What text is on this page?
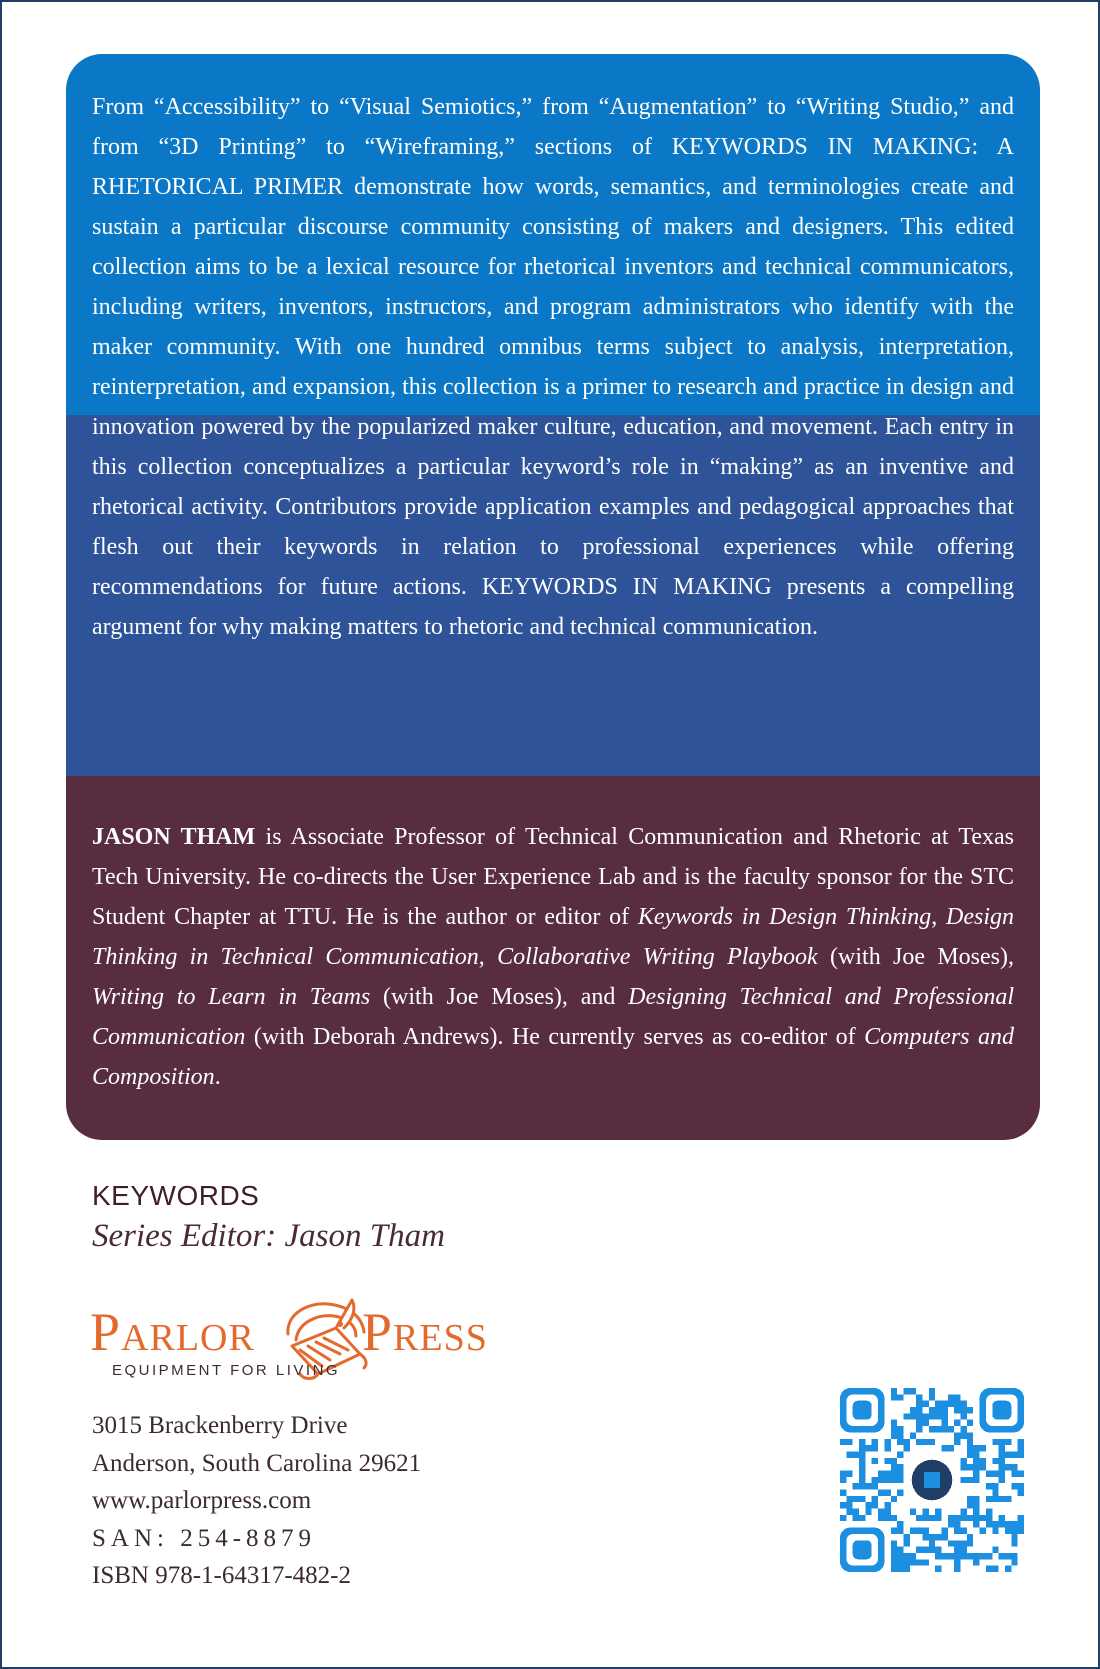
From “Accessibility” to “Visual Semiotics,” from “Augmentation” to “Writing Studio,” and from “3D Printing” to “Wireframing,” sections of KEYWORDS IN MAKING: A RHETORICAL PRIMER demonstrate how words, semantics, and terminologies create and sustain a particular discourse community consisting of makers and designers. This edited collection aims to be a lexical resource for rhetorical inventors and technical communicators, including writers, inventors, instructors, and program administrators who identify with the maker community. With one hundred omnibus terms subject to analysis, interpretation, reinterpretation, and expansion, this collection is a primer to research and practice in design and innovation powered by the popularized maker culture, education, and movement. Each entry in this collection conceptualizes a particular keyword’s role in “making” as an inventive and rhetorical activity. Contributors provide application examples and pedagogical approaches that flesh out their keywords in relation to professional experiences while offering recommendations for future actions. KEYWORDS IN MAKING presents a compelling argument for why making matters to rhetoric and technical communication.

JASON THAM is Associate Professor of Technical Communication and Rhetoric at Texas Tech University. He co-directs the User Experience Lab and is the faculty sponsor for the STC Student Chapter at TTU. He is the author or editor of Keywords in Design Thinking, Design Thinking in Technical Communication, Collaborative Writing Playbook (with Joe Moses), Writing to Learn in Teams (with Joe Moses), and Designing Technical and Professional Communication (with Deborah Andrews). He currently serves as co-editor of Computers and Composition.

KEYWORDS
Series Editor: Jason Tham
Parlor Press
EQUIPMENT FOR LIVING
3015 Brackenberry Drive
Anderson, South Carolina 29621
www.parlorpress.com
SAN: 254-8879
ISBN 978-1-64317-482-2
